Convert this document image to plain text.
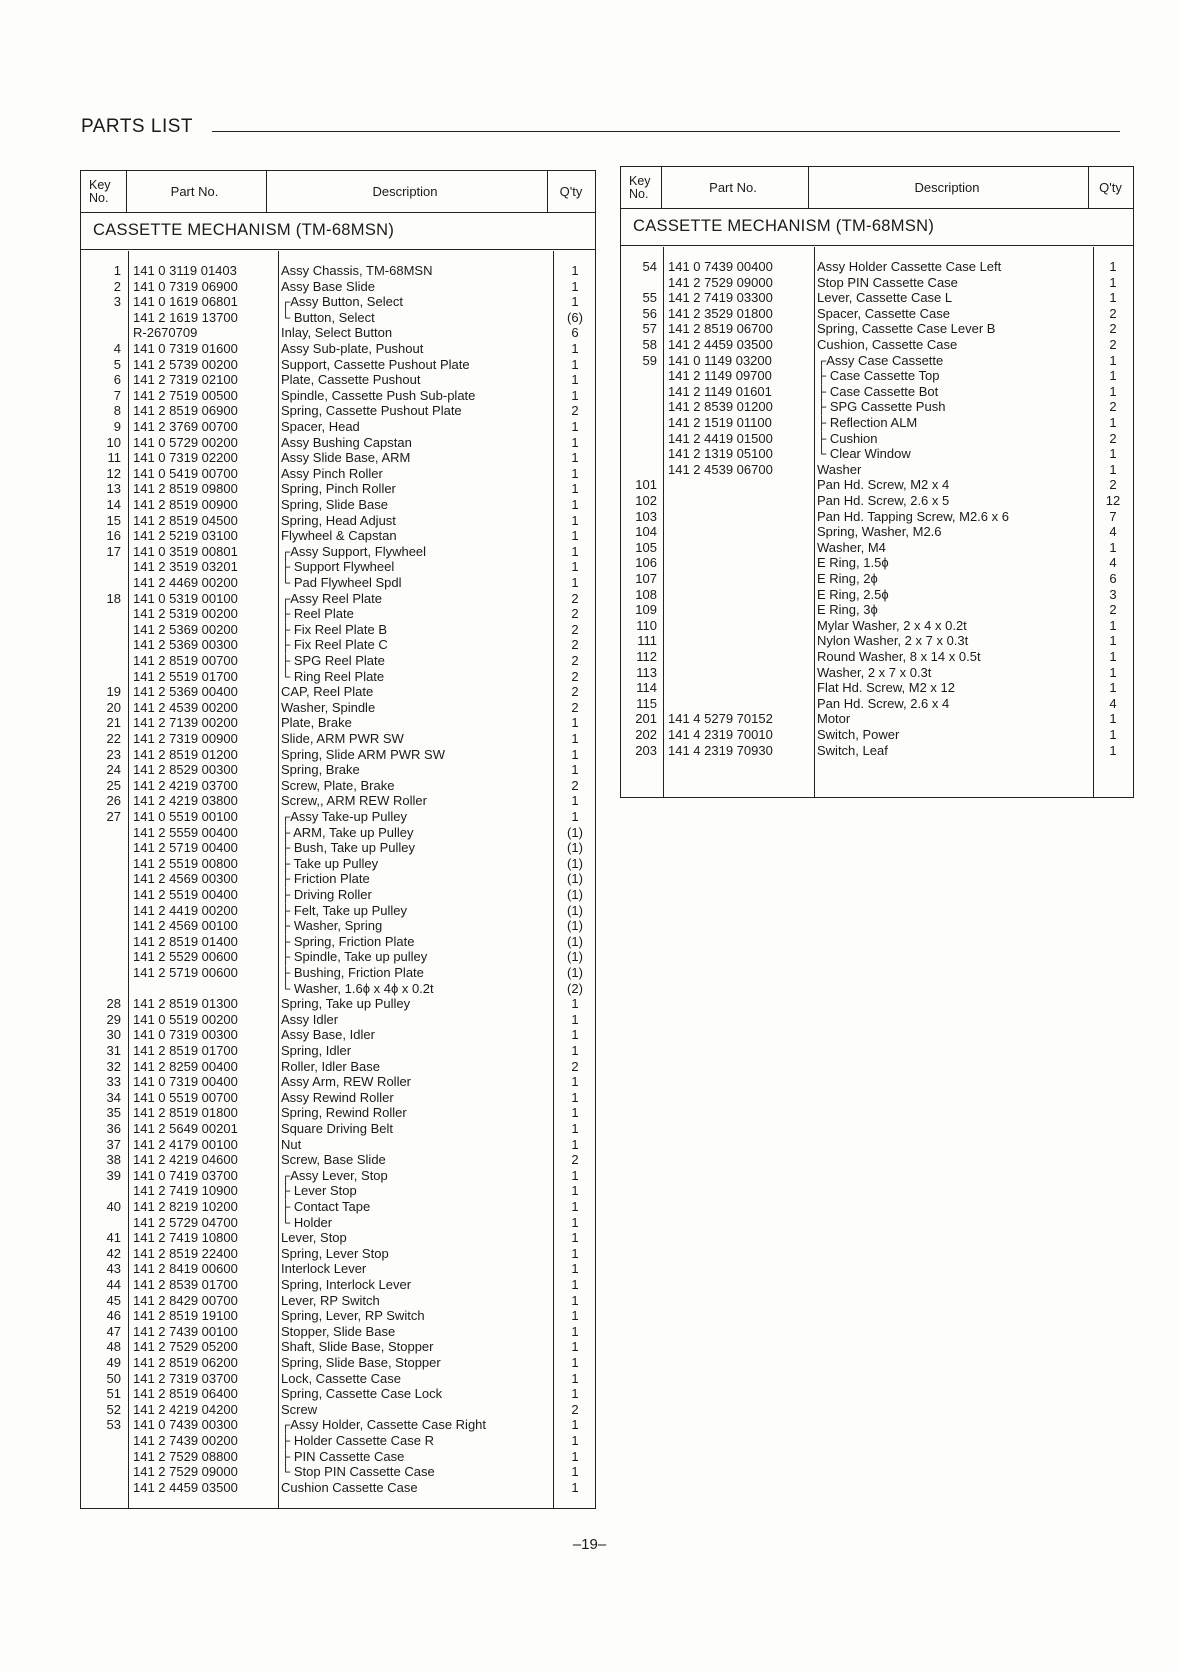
PARTS LIST
Key
No.	Part No.	Description	Q'ty
CASSETTE MECHANISM (TM-68MSN)
1 141 0 3119 01403	Assy Chassis, TM-68MSN	1
2 141 0 7319 06900	Assy Base Slide	1
3 141 0 1619 06801	┌Assy Button, Select	1
141 2 1619 13700	└ Button, Select	(6)
R-2670709	Inlay, Select Button	6
4 141 0 7319 01600	Assy Sub-plate, Pushout	1
5 141 2 5739 00200	Support, Cassette Pushout Plate	1
6 141 2 7319 02100	Plate, Cassette Pushout	1
7 141 2 7519 00500	Spindle, Cassette Push Sub-plate	1
8 141 2 8519 06900	Spring, Cassette Pushout Plate	2
9 141 2 3769 00700	Spacer, Head	1
10 141 0 5729 00200	Assy Bushing Capstan	1
11 141 0 7319 02200	Assy Slide Base, ARM	1
12 141 0 5419 00700	Assy Pinch Roller	1
13 141 2 8519 09800	Spring, Pinch Roller	1
14 141 2 8519 00900	Spring, Slide Base	1
15 141 2 8519 04500	Spring, Head Adjust	1
16 141 2 5219 03100	Flywheel & Capstan	1
17 141 0 3519 00801	┌Assy Support, Flywheel	1
141 2 3519 03201	├ Support Flywheel	1
141 2 4469 00200	└ Pad Flywheel Spdl	1
18 141 0 5319 00100	┌Assy Reel Plate	2
141 2 5319 00200	├ Reel Plate	2
141 2 5369 00200	├ Fix Reel Plate B	2
141 2 5369 00300	├ Fix Reel Plate C	2
141 2 8519 00700	├ SPG Reel Plate	2
141 2 5519 01700	└ Ring Reel Plate	2
19 141 2 5369 00400	CAP, Reel Plate	2
20 141 2 4539 00200	Washer, Spindle	2
21 141 2 7139 00200	Plate, Brake	1
22 141 2 7319 00900	Slide, ARM PWR SW	1
23 141 2 8519 01200	Spring, Slide ARM PWR SW	1
24 141 2 8529 00300	Spring, Brake	1
25 141 2 4219 03700	Screw, Plate, Brake	2
26 141 2 4219 03800	Screw,, ARM REW Roller	1
27 141 0 5519 00100	┌Assy Take-up Pulley	1
141 2 5559 00400	├ ARM, Take up Pulley	(1)
141 2 5719 00400	├ Bush, Take up Pulley	(1)
141 2 5519 00800	├ Take up Pulley	(1)
141 2 4569 00300	├ Friction Plate	(1)
141 2 5519 00400	├ Driving Roller	(1)
141 2 4419 00200	├ Felt, Take up Pulley	(1)
141 2 4569 00100	├ Washer, Spring	(1)
141 2 8519 01400	├ Spring, Friction Plate	(1)
141 2 5529 00600	├ Spindle, Take up pulley	(1)
141 2 5719 00600	├ Bushing, Friction Plate	(1)
└ Washer, 1.6ϕ x 4ϕ x 0.2t	(2)
28 141 2 8519 01300	Spring, Take up Pulley	1
29 141 0 5519 00200	Assy Idler	1
30 141 0 7319 00300	Assy Base, Idler	1
31 141 2 8519 01700	Spring, Idler	1
32 141 2 8259 00400	Roller, Idler Base	2
33 141 0 7319 00400	Assy Arm, REW Roller	1
34 141 0 5519 00700	Assy Rewind Roller	1
35 141 2 8519 01800	Spring, Rewind Roller	1
36 141 2 5649 00201	Square Driving Belt	1
37 141 2 4179 00100	Nut	1
38 141 2 4219 04600	Screw, Base Slide	2
39 141 0 7419 03700	┌Assy Lever, Stop	1
141 2 7419 10900	├ Lever Stop	1
40 141 2 8219 10200	├ Contact Tape	1
141 2 5729 04700	└ Holder	1
41 141 2 7419 10800	Lever, Stop	1
42 141 2 8519 22400	Spring, Lever Stop	1
43 141 2 8419 00600	Interlock Lever	1
44 141 2 8539 01700	Spring, Interlock Lever	1
45 141 2 8429 00700	Lever, RP Switch	1
46 141 2 8519 19100	Spring, Lever, RP Switch	1
47 141 2 7439 00100	Stopper, Slide Base	1
48 141 2 7529 05200	Shaft, Slide Base, Stopper	1
49 141 2 8519 06200	Spring, Slide Base, Stopper	1
50 141 2 7319 03700	Lock, Cassette Case	1
51 141 2 8519 06400	Spring, Cassette Case Lock	1
52 141 2 4219 04200	Screw	2
53 141 0 7439 00300	┌Assy Holder, Cassette Case Right	1
141 2 7439 00200	├ Holder Cassette Case R	1
141 2 7529 08800	├ PIN Cassette Case	1
141 2 7529 09000	└ Stop PIN Cassette Case	1
141 2 4459 03500	Cushion Cassette Case	1
Key
No.	Part No.	Description	Q'ty
CASSETTE MECHANISM (TM-68MSN)
54 141 0 7439 00400	Assy Holder Cassette Case Left	1
141 2 7529 09000	Stop PIN Cassette Case	1
55 141 2 7419 03300	Lever, Cassette Case L	1
56 141 2 3529 01800	Spacer, Cassette Case	2
57 141 2 8519 06700	Spring, Cassette Case Lever B	2
58 141 2 4459 03500	Cushion, Cassette Case	2
59 141 0 1149 03200	┌Assy Case Cassette	1
141 2 1149 09700	├ Case Cassette Top	1
141 2 1149 01601	├ Case Cassette Bot	1
141 2 8539 01200	├ SPG Cassette Push	2
141 2 1519 01100	├ Reflection ALM	1
141 2 4419 01500	├ Cushion	2
141 2 1319 05100	└ Clear Window	1
141 2 4539 06700	Washer	1
101	Pan Hd. Screw, M2 x 4	2
102	Pan Hd. Screw, 2.6 x 5	12
103	Pan Hd. Tapping Screw, M2.6 x 6	7
104	Spring, Washer, M2.6	4
105	Washer, M4	1
106	E Ring, 1.5ϕ	4
107	E Ring, 2ϕ	6
108	E Ring, 2.5ϕ	3
109	E Ring, 3ϕ	2
110	Mylar Washer, 2 x 4 x 0.2t	1
111	Nylon Washer, 2 x 7 x 0.3t	1
112	Round Washer, 8 x 14 x 0.5t	1
113	Washer, 2 x 7 x 0.3t	1
114	Flat Hd. Screw, M2 x 12	1
115	Pan Hd. Screw, 2.6 x 4	4
201 141 4 5279 70152	Motor	1
202 141 4 2319 70010	Switch, Power	1
203 141 4 2319 70930	Switch, Leaf	1
–19–
